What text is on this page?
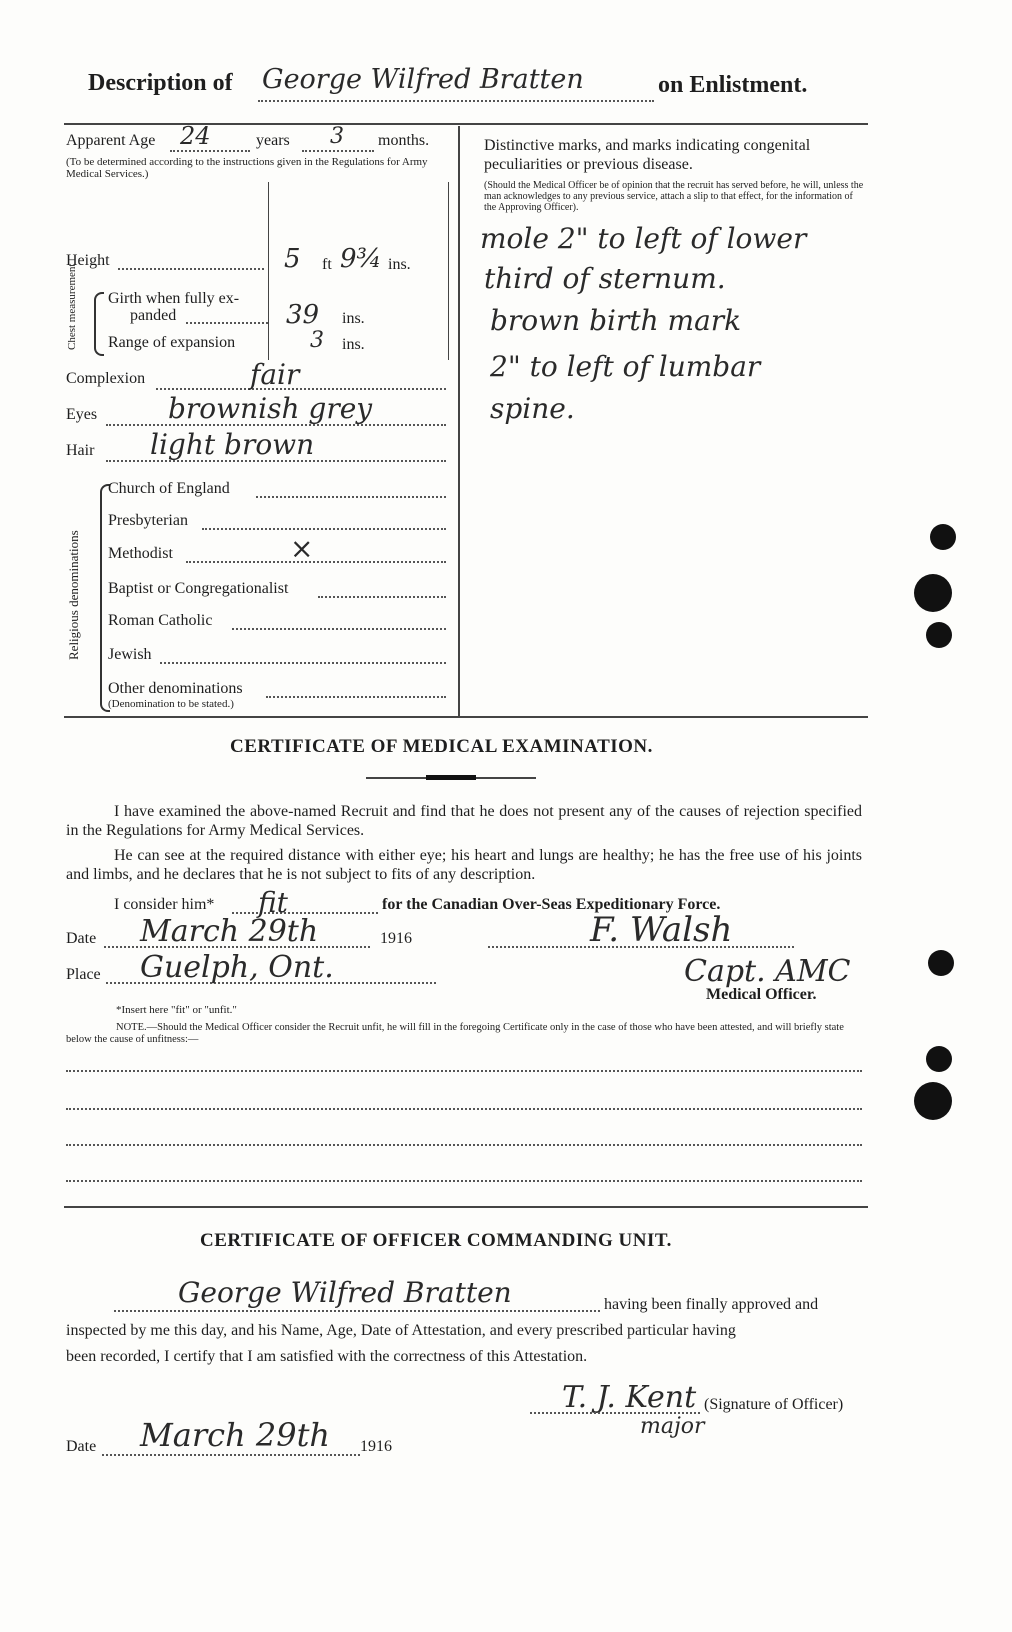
Description of George Wilfred Bratten	on Enlistment.
Apparent Age 24	years 3 months.
(To be determined according to the instructions given in the Regulations for Army Medical Services.)
Height	5 ft 9¾ ins.
Chest measurement Girth when fully ex-
panded	39 ins.
Range of expansion	3 ins.
Complexion	fair
Eyes	brownish grey
Hair light brown
Religious denominations
Church of England
Presbyterian
Methodist	×
Baptist or Congregationalist
Roman Catholic
Jewish
Other denominations
(Denomination to be stated.)
Distinctive marks, and marks indicating congenital peculiarities or previous disease.
(Should the Medical Officer be of opinion that the recruit has served before, he will, unless the man acknowledges to any previous service, attach a slip to that effect, for the information of the Approving Officer).
mole 2" to left of lower
third of sternum.
brown birth mark
2" to left of lumbar
spine.
CERTIFICATE OF MEDICAL EXAMINATION.
I have examined the above-named Recruit and find that he does not present any of the causes of rejection specified in the Regulations for Army Medical Services.
He can see at the required distance with either eye; his heart and lungs are healthy; he has the free use of his joints and limbs, and he declares that he is not subject to fits of any description.
I consider him* fit	for the Canadian Over-Seas Expeditionary Force.
Date March 29th	1916	F. Walsh
Place Guelph, Ont.	Capt. AMC
Medical Officer.
*Insert here "fit" or "unfit."
NOTE.—Should the Medical Officer consider the Recruit unfit, he will fill in the foregoing Certificate only in the case of those who have been attested, and will briefly state below the cause of unfitness:—
CERTIFICATE OF OFFICER COMMANDING UNIT.
George Wilfred Bratten	having been finally approved and
inspected by me this day, and his Name, Age, Date of Attestation, and every prescribed particular having
been recorded, I certify that I am satisfied with the correctness of this Attestation.
T. J. Kent
major
(Signature of Officer)
Date March 29th 1916
